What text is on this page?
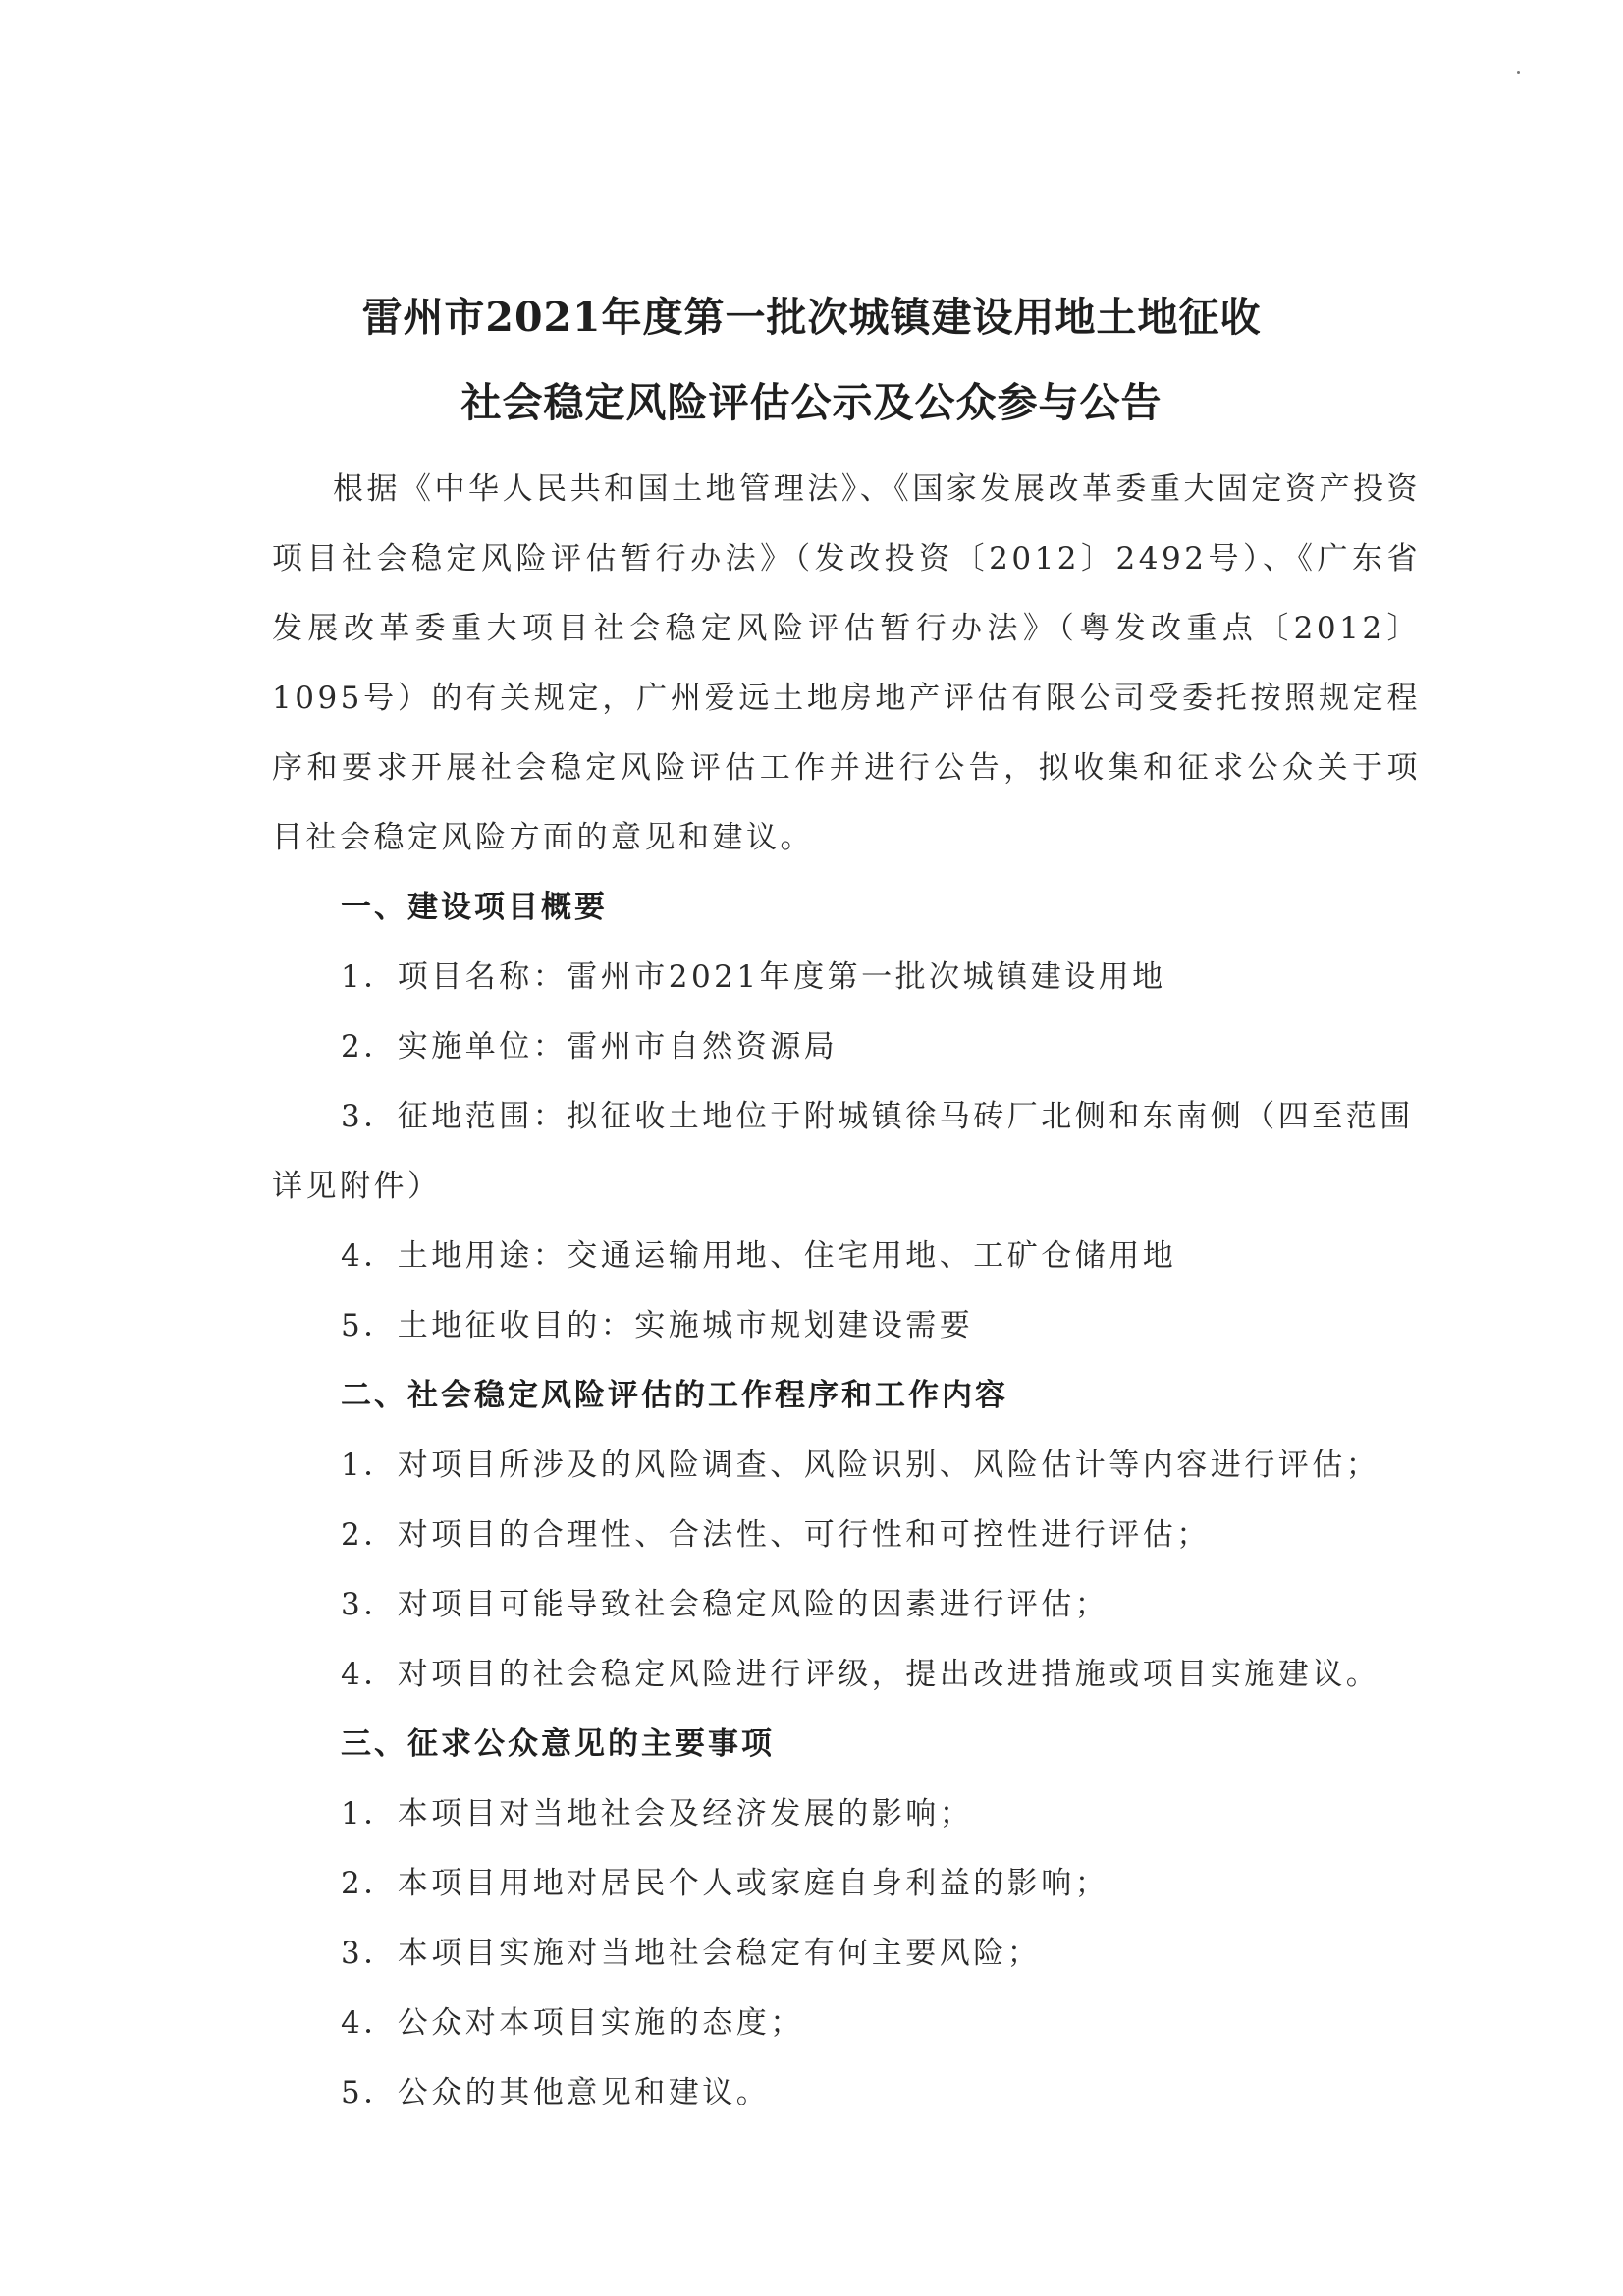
雷州市2021年度第一批次城镇建设用地土地征收
社会稳定风险评估公示及公众参与公告

根据《中华人民共和国土地管理法》、《国家发展改革委重大固定资产投资项目社会稳定风险评估暂行办法》（发改投资〔2012〕2492号）、《广东省发展改革委重大项目社会稳定风险评估暂行办法》（粤发改重点〔2012〕1095号）的有关规定，广州爱远土地房地产评估有限公司受委托按照规定程序和要求开展社会稳定风险评估工作并进行公告，拟收集和征求公众关于项目社会稳定风险方面的意见和建议。

一、建设项目概要

1．项目名称：雷州市2021年度第一批次城镇建设用地

2．实施单位：雷州市自然资源局

3．征地范围：拟征收土地位于附城镇徐马砖厂北侧和东南侧（四至范围
详见附件）

4．土地用途：交通运输用地、住宅用地、工矿仓储用地

5．土地征收目的：实施城市规划建设需要

二、社会稳定风险评估的工作程序和工作内容

1．对项目所涉及的风险调查、风险识别、风险估计等内容进行评估；

2．对项目的合理性、合法性、可行性和可控性进行评估；

3．对项目可能导致社会稳定风险的因素进行评估；

4．对项目的社会稳定风险进行评级，提出改进措施或项目实施建议。

三、征求公众意见的主要事项

1．本项目对当地社会及经济发展的影响；

2．本项目用地对居民个人或家庭自身利益的影响；

3．本项目实施对当地社会稳定有何主要风险；

4．公众对本项目实施的态度；

5．公众的其他意见和建议。
